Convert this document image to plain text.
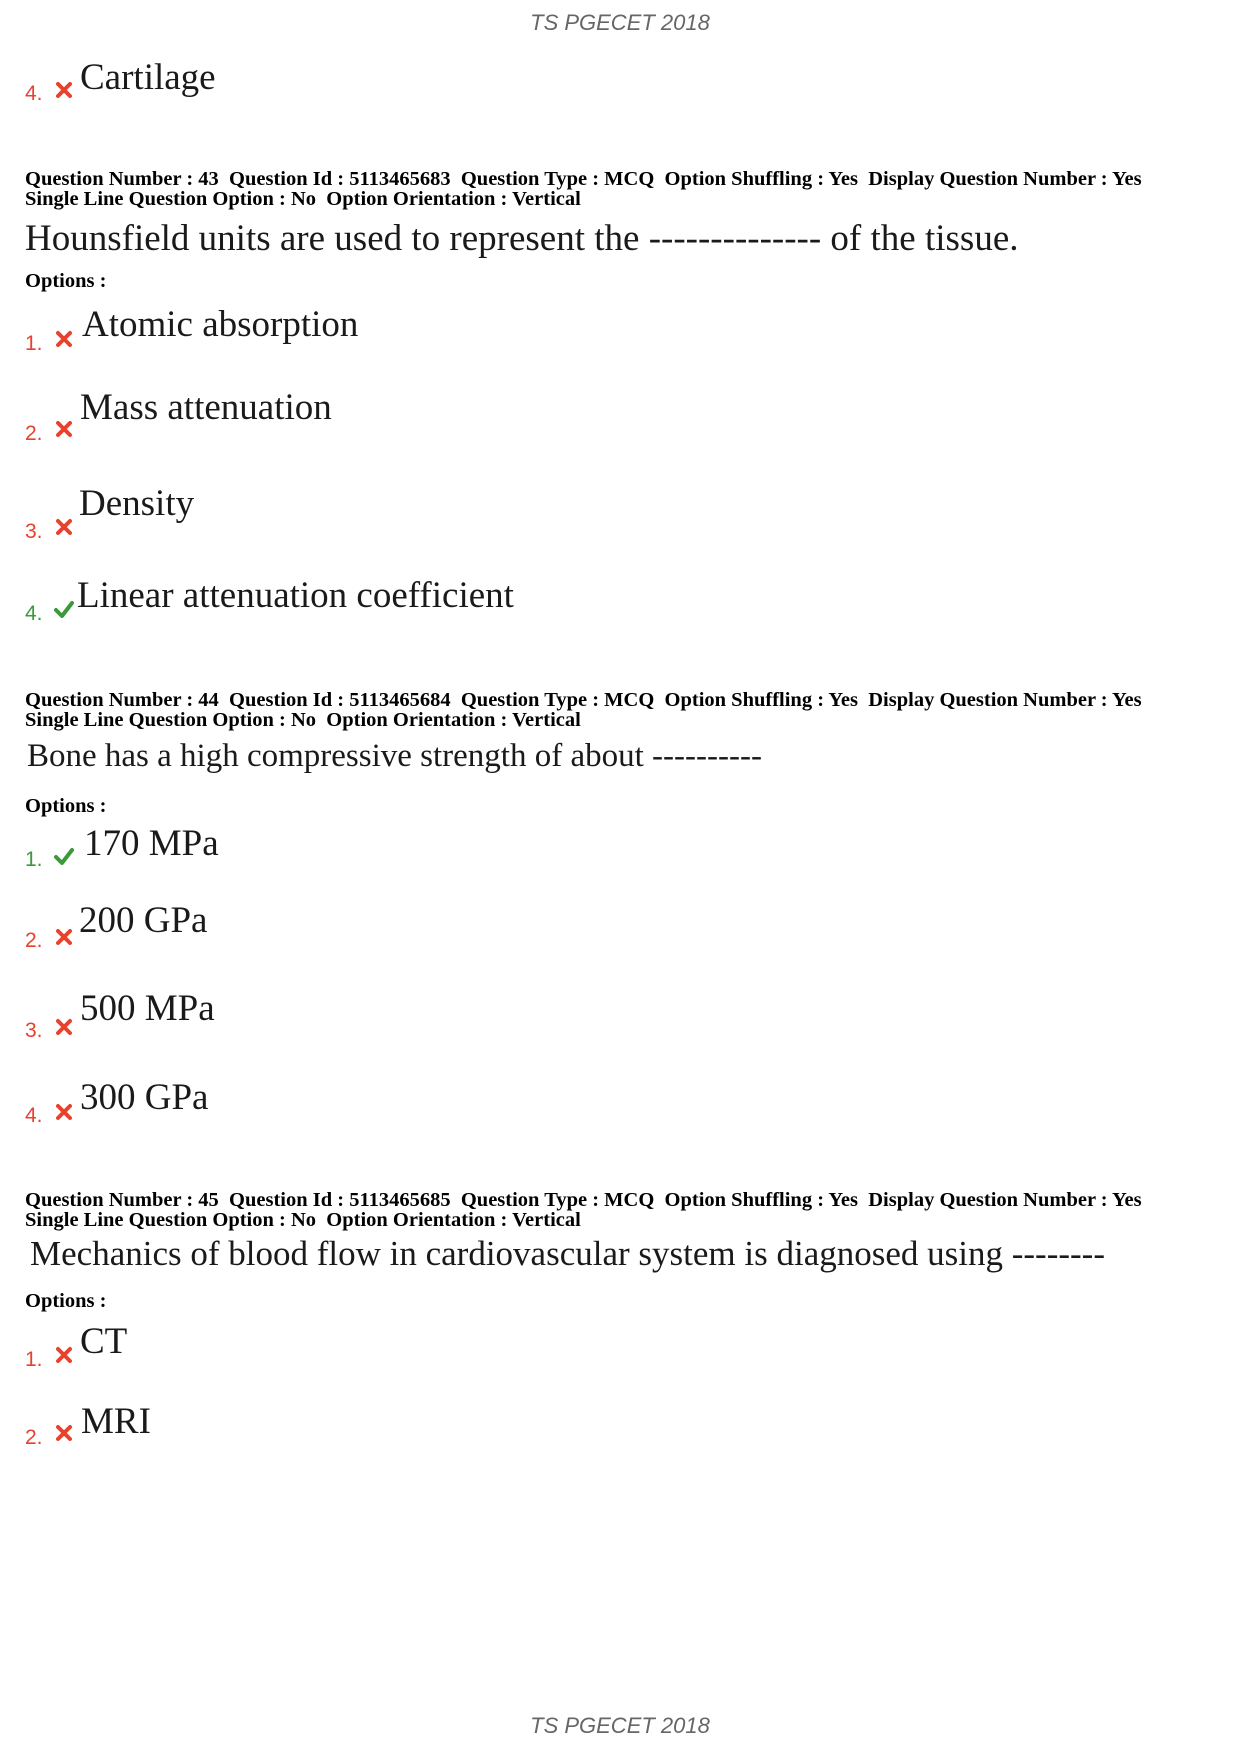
TS PGECET 2018
4. Cartilage
Question Number : 43  Question Id : 5113465683  Question Type : MCQ  Option Shuffling : Yes  Display Question Number : Yes
Single Line Question Option : No  Option Orientation : Vertical
Hounsfield units are used to represent the -------------- of the tissue.
Options :
1. Atomic absorption
2.
Mass attenuation
3.
Density
4. Linear attenuation coefficient
Question Number : 44  Question Id : 5113465684  Question Type : MCQ  Option Shuffling : Yes  Display Question Number : Yes
Single Line Question Option : No  Option Orientation : Vertical
Bone has a high compressive strength of about ----------
Options :
1. 170 MPa
2. 200 GPa
3.
500 MPa
4. 300 GPa
Question Number : 45  Question Id : 5113465685  Question Type : MCQ  Option Shuffling : Yes  Display Question Number : Yes
Single Line Question Option : No  Option Orientation : Vertical
Mechanics of blood flow in cardiovascular system is diagnosed using --------
Options :
1. CT
2. MRI
TS PGECET 2018
